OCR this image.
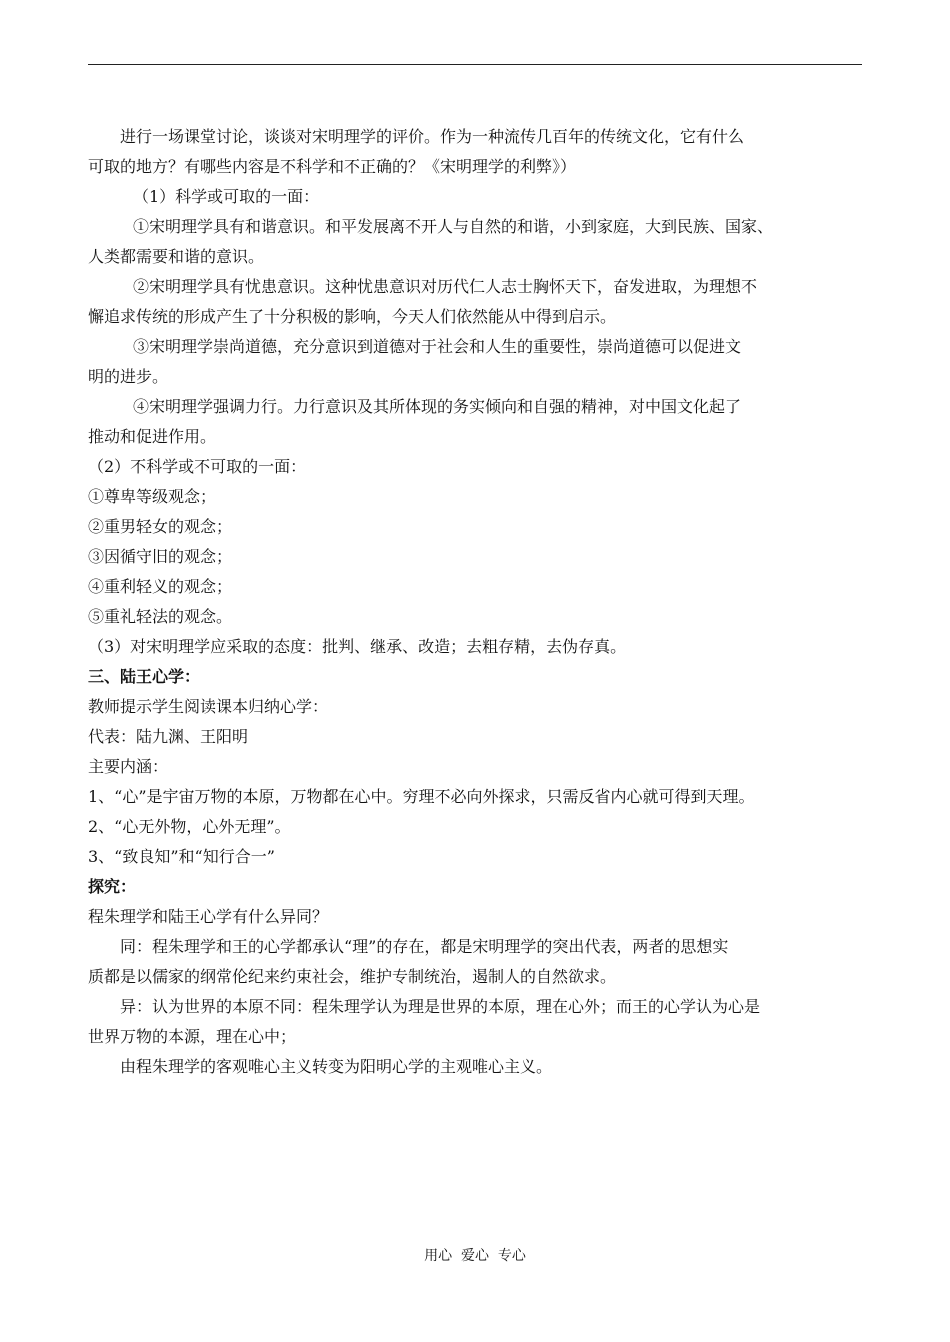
进行一场课堂讨论，谈谈对宋明理学的评价。作为一种流传几百年的传统文化，它有什么
可取的地方？有哪些内容是不科学和不正确的？《宋明理学的利弊》）
（1）科学或可取的一面：
①宋明理学具有和谐意识。和平发展离不开人与自然的和谐，小到家庭，大到民族、国家、
人类都需要和谐的意识。
②宋明理学具有忧患意识。这种忧患意识对历代仁人志士胸怀天下，奋发进取，为理想不
懈追求传统的形成产生了十分积极的影响，今天人们依然能从中得到启示。
③宋明理学崇尚道德，充分意识到道德对于社会和人生的重要性，崇尚道德可以促进文
明的进步。
④宋明理学强调力行。力行意识及其所体现的务实倾向和自强的精神，对中国文化起了
推动和促进作用。
（2）不科学或不可取的一面：
①尊卑等级观念；
②重男轻女的观念；
③因循守旧的观念；
④重利轻义的观念；
⑤重礼轻法的观念。
（3）对宋明理学应采取的态度：批判、继承、改造；去粗存精，去伪存真。
三、陆王心学：
教师提示学生阅读课本归纳心学：
代表：陆九渊、王阳明
主要内涵：
1、“心”是宇宙万物的本原，万物都在心中。穷理不必向外探求，只需反省内心就可得到天理。
2、“心无外物，心外无理”。
3、“致良知”和“知行合一”
探究：
程朱理学和陆王心学有什么异同？
同：程朱理学和王的心学都承认“理”的存在，都是宋明理学的突出代表，两者的思想实
质都是以儒家的纲常伦纪来约束社会，维护专制统治，遏制人的自然欲求。
异：认为世界的本原不同：程朱理学认为理是世界的本原，理在心外；而王的心学认为心是
世界万物的本源，理在心中；
由程朱理学的客观唯心主义转变为阳明心学的主观唯心主义。
用心  爱心  专心
